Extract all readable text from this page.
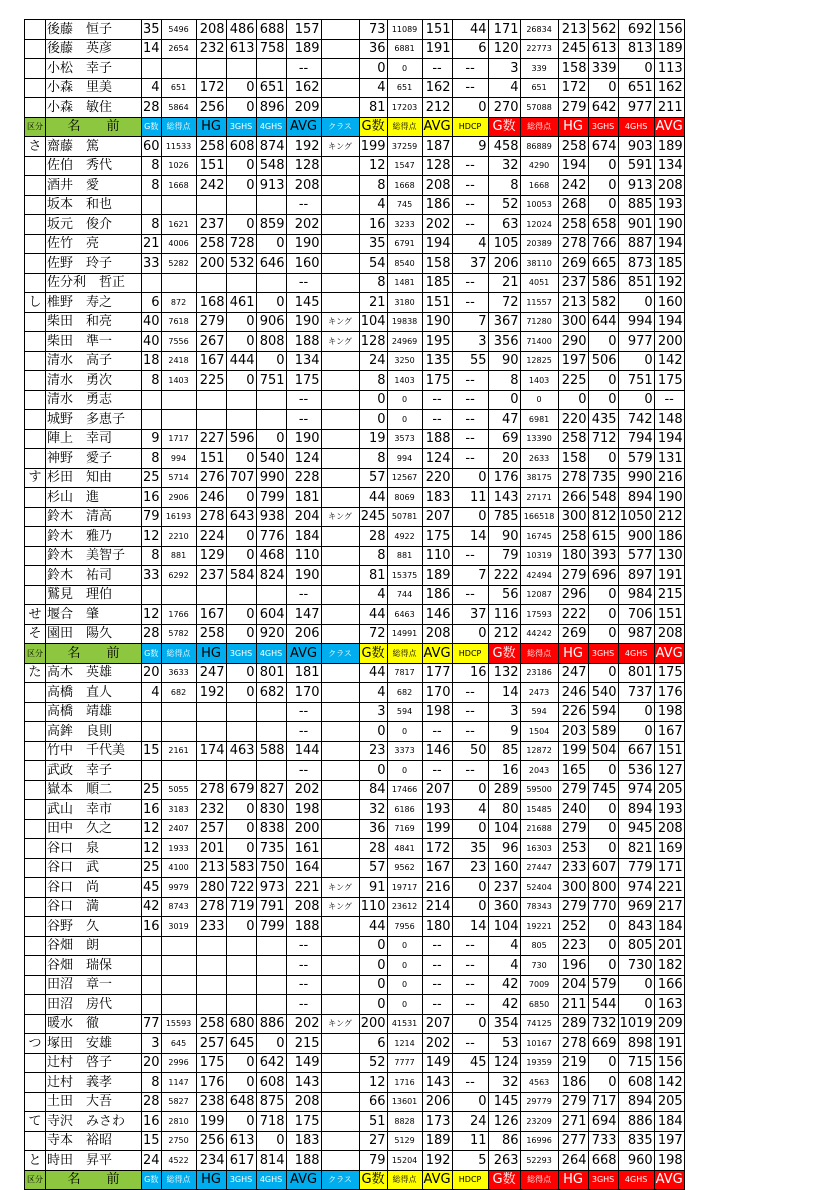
	後藤　恒子	35	5496	208	486	688	157		73	11089	151	44	171	26834	213	562	692	156
	後藤　英彦	14	2654	232	613	758	189		36	6881	191	6	120	22773	245	613	813	189
	小松　幸子						--		0	0	--	--	3	339	158	339	0	113
	小森　里美	4	651	172	0	651	162		4	651	162	--	4	651	172	0	651	162
	小森　敏住	28	5864	256	0	896	209		81	17203	212	0	270	57088	279	642	977	211
区分	名　　前	G数	総得点	HG	3GHS	4GHS	AVG	クラス	G数	総得点	AVG	HDCP	G数	総得点	HG	3GHS	4GHS	AVG
さ	齋藤　篤	60	11533	258	608	874	192	キング	199	37259	187	9	458	86889	258	674	903	189
	佐伯　秀代	8	1026	151	0	548	128		12	1547	128	--	32	4290	194	0	591	134
	酒井　愛	8	1668	242	0	913	208		8	1668	208	--	8	1668	242	0	913	208
	坂本　和也						--		4	745	186	--	52	10053	268	0	885	193
	坂元　俊介	8	1621	237	0	859	202		16	3233	202	--	63	12024	258	658	901	190
	佐竹　亮	21	4006	258	728	0	190		35	6791	194	4	105	20389	278	766	887	194
	佐野　玲子	33	5282	200	532	646	160		54	8540	158	37	206	38110	269	665	873	185
	佐分利　哲正						--		8	1481	185	--	21	4051	237	586	851	192
し	椎野　寿之	6	872	168	461	0	145		21	3180	151	--	72	11557	213	582	0	160
	柴田　和亮	40	7618	279	0	906	190	キング	104	19838	190	7	367	71280	300	644	994	194
	柴田　準一	40	7556	267	0	808	188	キング	128	24969	195	3	356	71400	290	0	977	200
	清水　高子	18	2418	167	444	0	134		24	3250	135	55	90	12825	197	506	0	142
	清水　勇次	8	1403	225	0	751	175		8	1403	175	--	8	1403	225	0	751	175
	清水　勇志						--		0	0	--	--	0	0	0	0	0	--
	城野　多恵子						--		0	0	--	--	47	6981	220	435	742	148
	陣上　幸司	9	1717	227	596	0	190		19	3573	188	--	69	13390	258	712	794	194
	神野　愛子	8	994	151	0	540	124		8	994	124	--	20	2633	158	0	579	131
す	杉田　知由	25	5714	276	707	990	228		57	12567	220	0	176	38175	278	735	990	216
	杉山　進	16	2906	246	0	799	181		44	8069	183	11	143	27171	266	548	894	190
	鈴木　清高	79	16193	278	643	938	204	キング	245	50781	207	0	785	166518	300	812	1050	212
	鈴木　雅乃	12	2210	224	0	776	184		28	4922	175	14	90	16745	258	615	900	186
	鈴木　美智子	8	881	129	0	468	110		8	881	110	--	79	10319	180	393	577	130
	鈴木　祐司	33	6292	237	584	824	190		81	15375	189	7	222	42494	279	696	897	191
	鷲見　理伯						--		4	744	186	--	56	12087	296	0	984	215
せ	堰合　肇	12	1766	167	0	604	147		44	6463	146	37	116	17593	222	0	706	151
そ	園田　陽久	28	5782	258	0	920	206		72	14991	208	0	212	44242	269	0	987	208
区分	名　　前	G数	総得点	HG	3GHS	4GHS	AVG	クラス	G数	総得点	AVG	HDCP	G数	総得点	HG	3GHS	4GHS	AVG
た	高木　英雄	20	3633	247	0	801	181		44	7817	177	16	132	23186	247	0	801	175
	高橋　直人	4	682	192	0	682	170		4	682	170	--	14	2473	246	540	737	176
	高橋　靖雄						--		3	594	198	--	3	594	226	594	0	198
	高鉾　良則						--		0	0	--	--	9	1504	203	589	0	167
	竹中　千代美	15	2161	174	463	588	144		23	3373	146	50	85	12872	199	504	667	151
	武政　幸子						--		0	0	--	--	16	2043	165	0	536	127
	嶽本　順二	25	5055	278	679	827	202		84	17466	207	0	289	59500	279	745	974	205
	武山　幸市	16	3183	232	0	830	198		32	6186	193	4	80	15485	240	0	894	193
	田中　久之	12	2407	257	0	838	200		36	7169	199	0	104	21688	279	0	945	208
	谷口　泉	12	1933	201	0	735	161		28	4841	172	35	96	16303	253	0	821	169
	谷口　武	25	4100	213	583	750	164		57	9562	167	23	160	27447	233	607	779	171
	谷口　尚	45	9979	280	722	973	221	キング	91	19717	216	0	237	52404	300	800	974	221
	谷口　満	42	8743	278	719	791	208	キング	110	23612	214	0	360	78343	279	770	969	217
	谷野　久	16	3019	233	0	799	188		44	7956	180	14	104	19221	252	0	843	184
	谷畑　朗						--		0	0	--	--	4	805	223	0	805	201
	谷畑　瑞保						--		0	0	--	--	4	730	196	0	730	182
	田沼　章一						--		0	0	--	--	42	7009	204	579	0	166
	田沼　房代						--		0	0	--	--	42	6850	211	544	0	163
	暖水　徹	77	15593	258	680	886	202	キング	200	41531	207	0	354	74125	289	732	1019	209
つ	塚田　安雄	3	645	257	645	0	215		6	1214	202	--	53	10167	278	669	898	191
	辻村　啓子	20	2996	175	0	642	149		52	7777	149	45	124	19359	219	0	715	156
	辻村　義孝	8	1147	176	0	608	143		12	1716	143	--	32	4563	186	0	608	142
	土田　大吾	28	5827	238	648	875	208		66	13601	206	0	145	29779	279	717	894	205
て	寺沢　みさわ	16	2810	199	0	718	175		51	8828	173	24	126	23209	271	694	886	184
	寺本　裕昭	15	2750	256	613	0	183		27	5129	189	11	86	16996	277	733	835	197
と	時田　昇平	24	4522	234	617	814	188		79	15204	192	5	263	52293	264	668	960	198
区分	名　　前	G数	総得点	HG	3GHS	4GHS	AVG	クラス	G数	総得点	AVG	HDCP	G数	総得点	HG	3GHS	4GHS	AVG
